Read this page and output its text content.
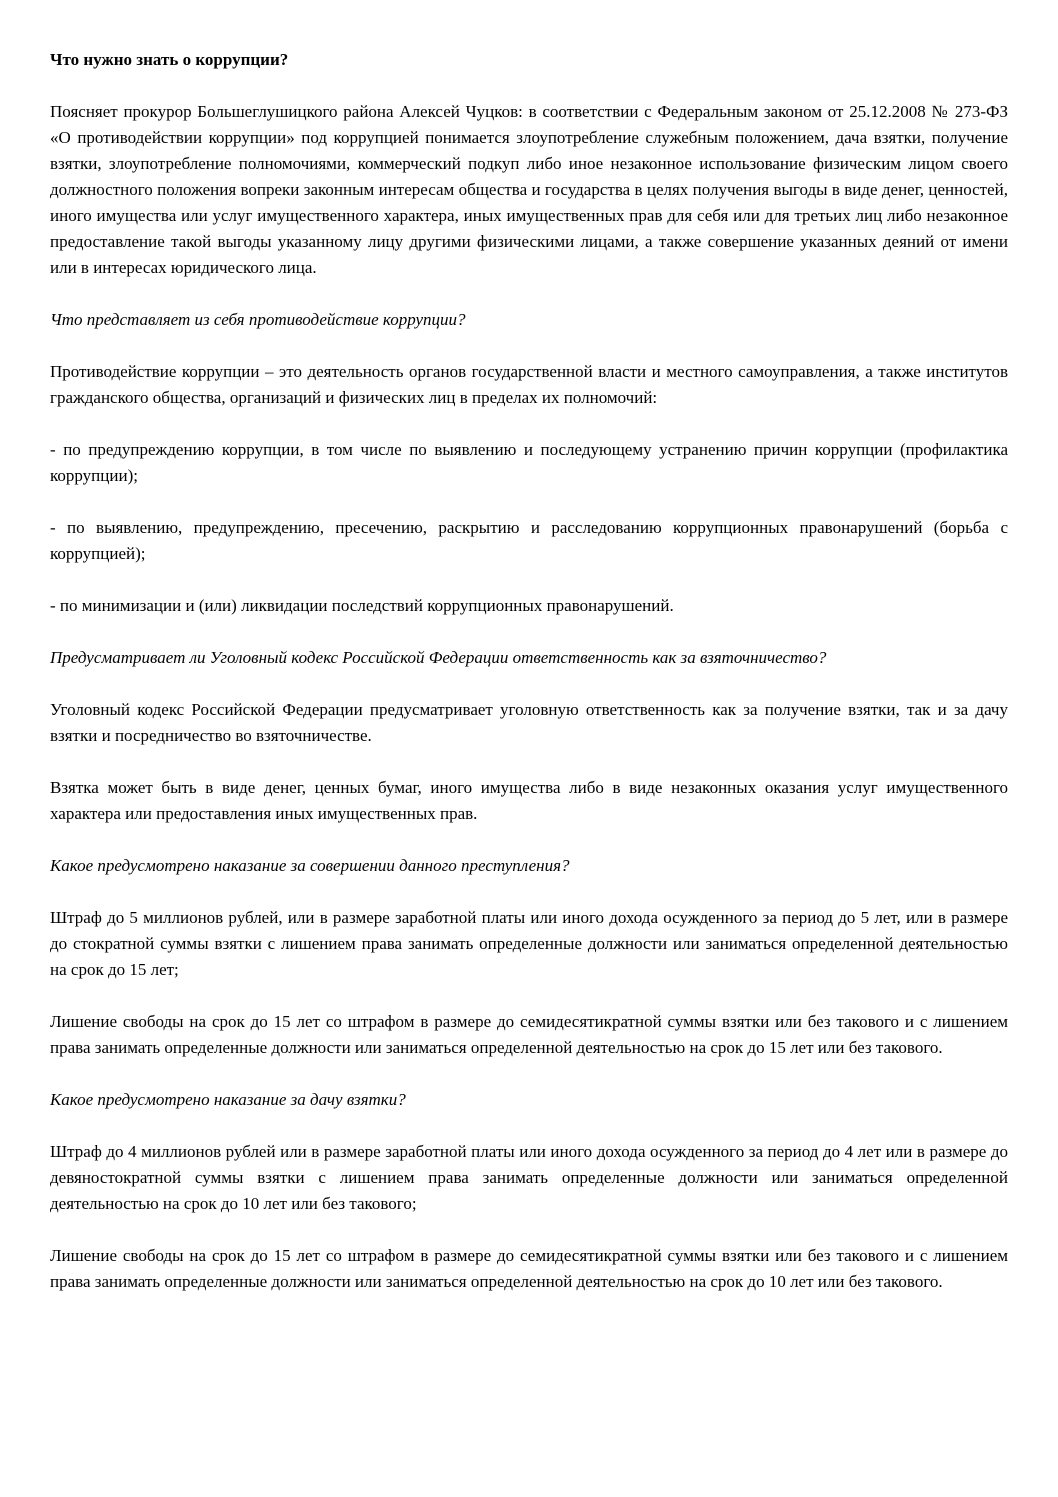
Что нужно знать о коррупции?

Поясняет прокурор Большеглушицкого района Алексей Чуцков: в соответствии с Федеральным законом от 25.12.2008 № 273-ФЗ «О противодействии коррупции» под коррупцией понимается злоупотребление служебным положением, дача взятки, получение взятки, злоупотребление полномочиями, коммерческий подкуп либо иное незаконное использование физическим лицом своего должностного положения вопреки законным интересам общества и государства в целях получения выгоды в виде денег, ценностей, иного имущества или услуг имущественного характера, иных имущественных прав для себя или для третьих лиц либо незаконное предоставление такой выгоды указанному лицу другими физическими лицами, а также совершение указанных деяний от имени или в интересах юридического лица.

Что представляет из себя противодействие коррупции?

Противодействие коррупции – это деятельность органов государственной власти и местного самоуправления, а также институтов гражданского общества, организаций и физических лиц в пределах их полномочий:

- по предупреждению коррупции, в том числе по выявлению и последующему устранению причин коррупции (профилактика коррупции);

- по выявлению, предупреждению, пресечению, раскрытию и расследованию коррупционных правонарушений (борьба с коррупцией);

- по минимизации и (или) ликвидации последствий коррупционных правонарушений.

Предусматривает ли Уголовный кодекс Российской Федерации ответственность как за взяточничество?

Уголовный кодекс Российской Федерации предусматривает уголовную ответственность как за получение взятки, так и за дачу взятки и посредничество во взяточничестве.

Взятка может быть в виде денег, ценных бумаг, иного имущества либо в виде незаконных оказания услуг имущественного характера или предоставления иных имущественных прав.

Какое предусмотрено наказание за совершении данного преступления?

Штраф до 5 миллионов рублей, или в размере заработной платы или иного дохода осужденного за период до 5 лет, или в размере до стократной суммы взятки с лишением права занимать определенные должности или заниматься определенной деятельностью на срок до 15 лет;

Лишение свободы на срок до 15 лет со штрафом в размере до семидесятикратной суммы взятки или без такового и с лишением права занимать определенные должности или заниматься определенной деятельностью на срок до 15 лет или без такового.

Какое предусмотрено наказание за дачу взятки?

Штраф до 4 миллионов рублей или в размере заработной платы или иного дохода осужденного за период до 4 лет или в размере до девяностократной суммы взятки с лишением права занимать определенные должности или заниматься определенной деятельностью на срок до 10 лет или без такового;

Лишение свободы на срок до 15 лет со штрафом в размере до семидесятикратной суммы взятки или без такового и с лишением права занимать определенные должности или заниматься определенной деятельностью на срок до 10 лет или без такового.
